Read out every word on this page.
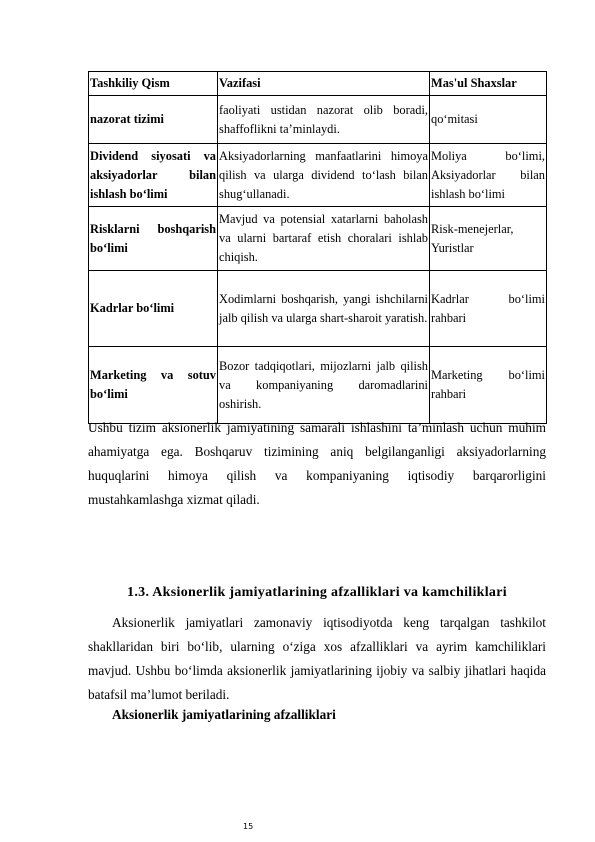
Tashkiliy Qism	Vazifasi	Mas'ul Shaxslar
nazorat tizimi	faoliyati ustidan nazorat olib boradi, shaffoflikni ta’minlaydi.	qo‘mitasi
Dividend siyosati va aksiyadorlar bilan ishlash bo‘limi	Aksiyadorlarning manfaatlarini himoya qilish va ularga dividend to‘lash bilan shug‘ullanadi.	Moliya bo‘limi, Aksiyadorlar bilan ishlash bo‘limi
Risklarni boshqarish bo‘limi	Mavjud va potensial xatarlarni baholash va ularni bartaraf etish choralari ishlab chiqish.	Risk-menejerlar, Yuristlar
Kadrlar bo‘limi	Xodimlarni boshqarish, yangi ishchilarni jalb qilish va ularga shart-sharoit yaratish.	Kadrlar bo‘limi rahbari
Marketing va sotuv bo‘limi	Bozor tadqiqotlari, mijozlarni jalb qilish va kompaniyaning daromadlarini oshirish.	Marketing bo‘limi rahbari

Ushbu tizim aksionerlik jamiyatining samarali ishlashini ta’minlash uchun muhim ahamiyatga ega. Boshqaruv tizimining aniq belgilanganligi aksiyadorlarning huquqlarini himoya qilish va kompaniyaning iqtisodiy barqarorligini mustahkamlashga xizmat qiladi.

1.3. Aksionerlik jamiyatlarining afzalliklari va kamchiliklari

Aksionerlik jamiyatlari zamonaviy iqtisodiyotda keng tarqalgan tashkilot shakllaridan biri bo‘lib, ularning o‘ziga xos afzalliklari va ayrim kamchiliklari mavjud. Ushbu bo‘limda aksionerlik jamiyatlarining ijobiy va salbiy jihatlari haqida batafsil ma’lumot beriladi.

Aksionerlik jamiyatlarining afzalliklari
15
